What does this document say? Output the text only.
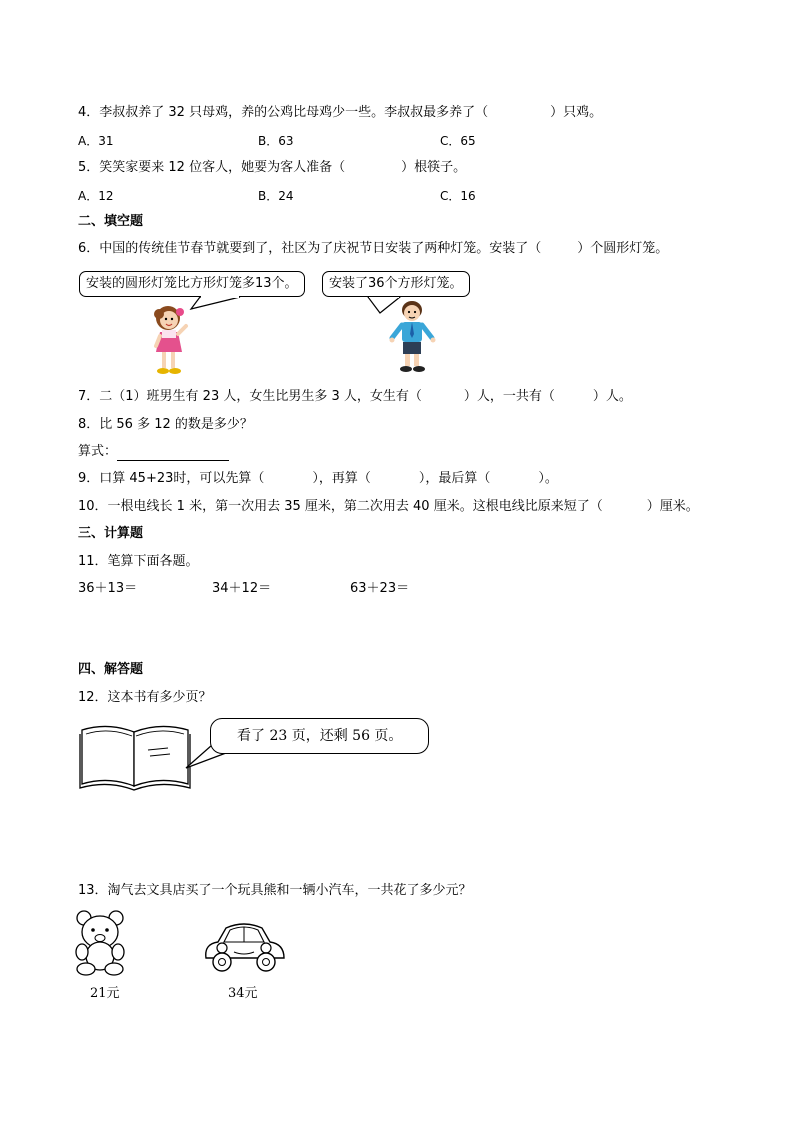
4．李叔叔养了 32 只母鸡，养的公鸡比母鸡少一些。李叔叔最多养了（	）只鸡。
A．31	B．63	C．65
5．笑笑家要来 12 位客人，她要为客人准备（	）根筷子。
A．12	B．24	C．16
二、填空题
6．中国的传统佳节春节就要到了，社区为了庆祝节日安装了两种灯笼。安装了（	）个圆形灯笼。
安装的圆形灯笼比方形灯笼多13个。	安装了36个方形灯笼。
7．二（1）班男生有 23 人，女生比男生多 3 人，女生有（	）人，一共有（	）人。
8．比 56 多 12 的数是多少？
算式：
9．口算 45+23时，可以先算（	），再算（	），最后算（	）。
10．一根电线长 1 米，第一次用去 35 厘米，第二次用去 40 厘米。这根电线比原来短了（	）厘米。
三、计算题
11．笔算下面各题。
36＋13＝	34＋12＝	63＋23＝
四、解答题
12．这本书有多少页？
看了 23 页，还剩 56 页。
13．淘气去文具店买了一个玩具熊和一辆小汽车，一共花了多少元？
21元	34元
